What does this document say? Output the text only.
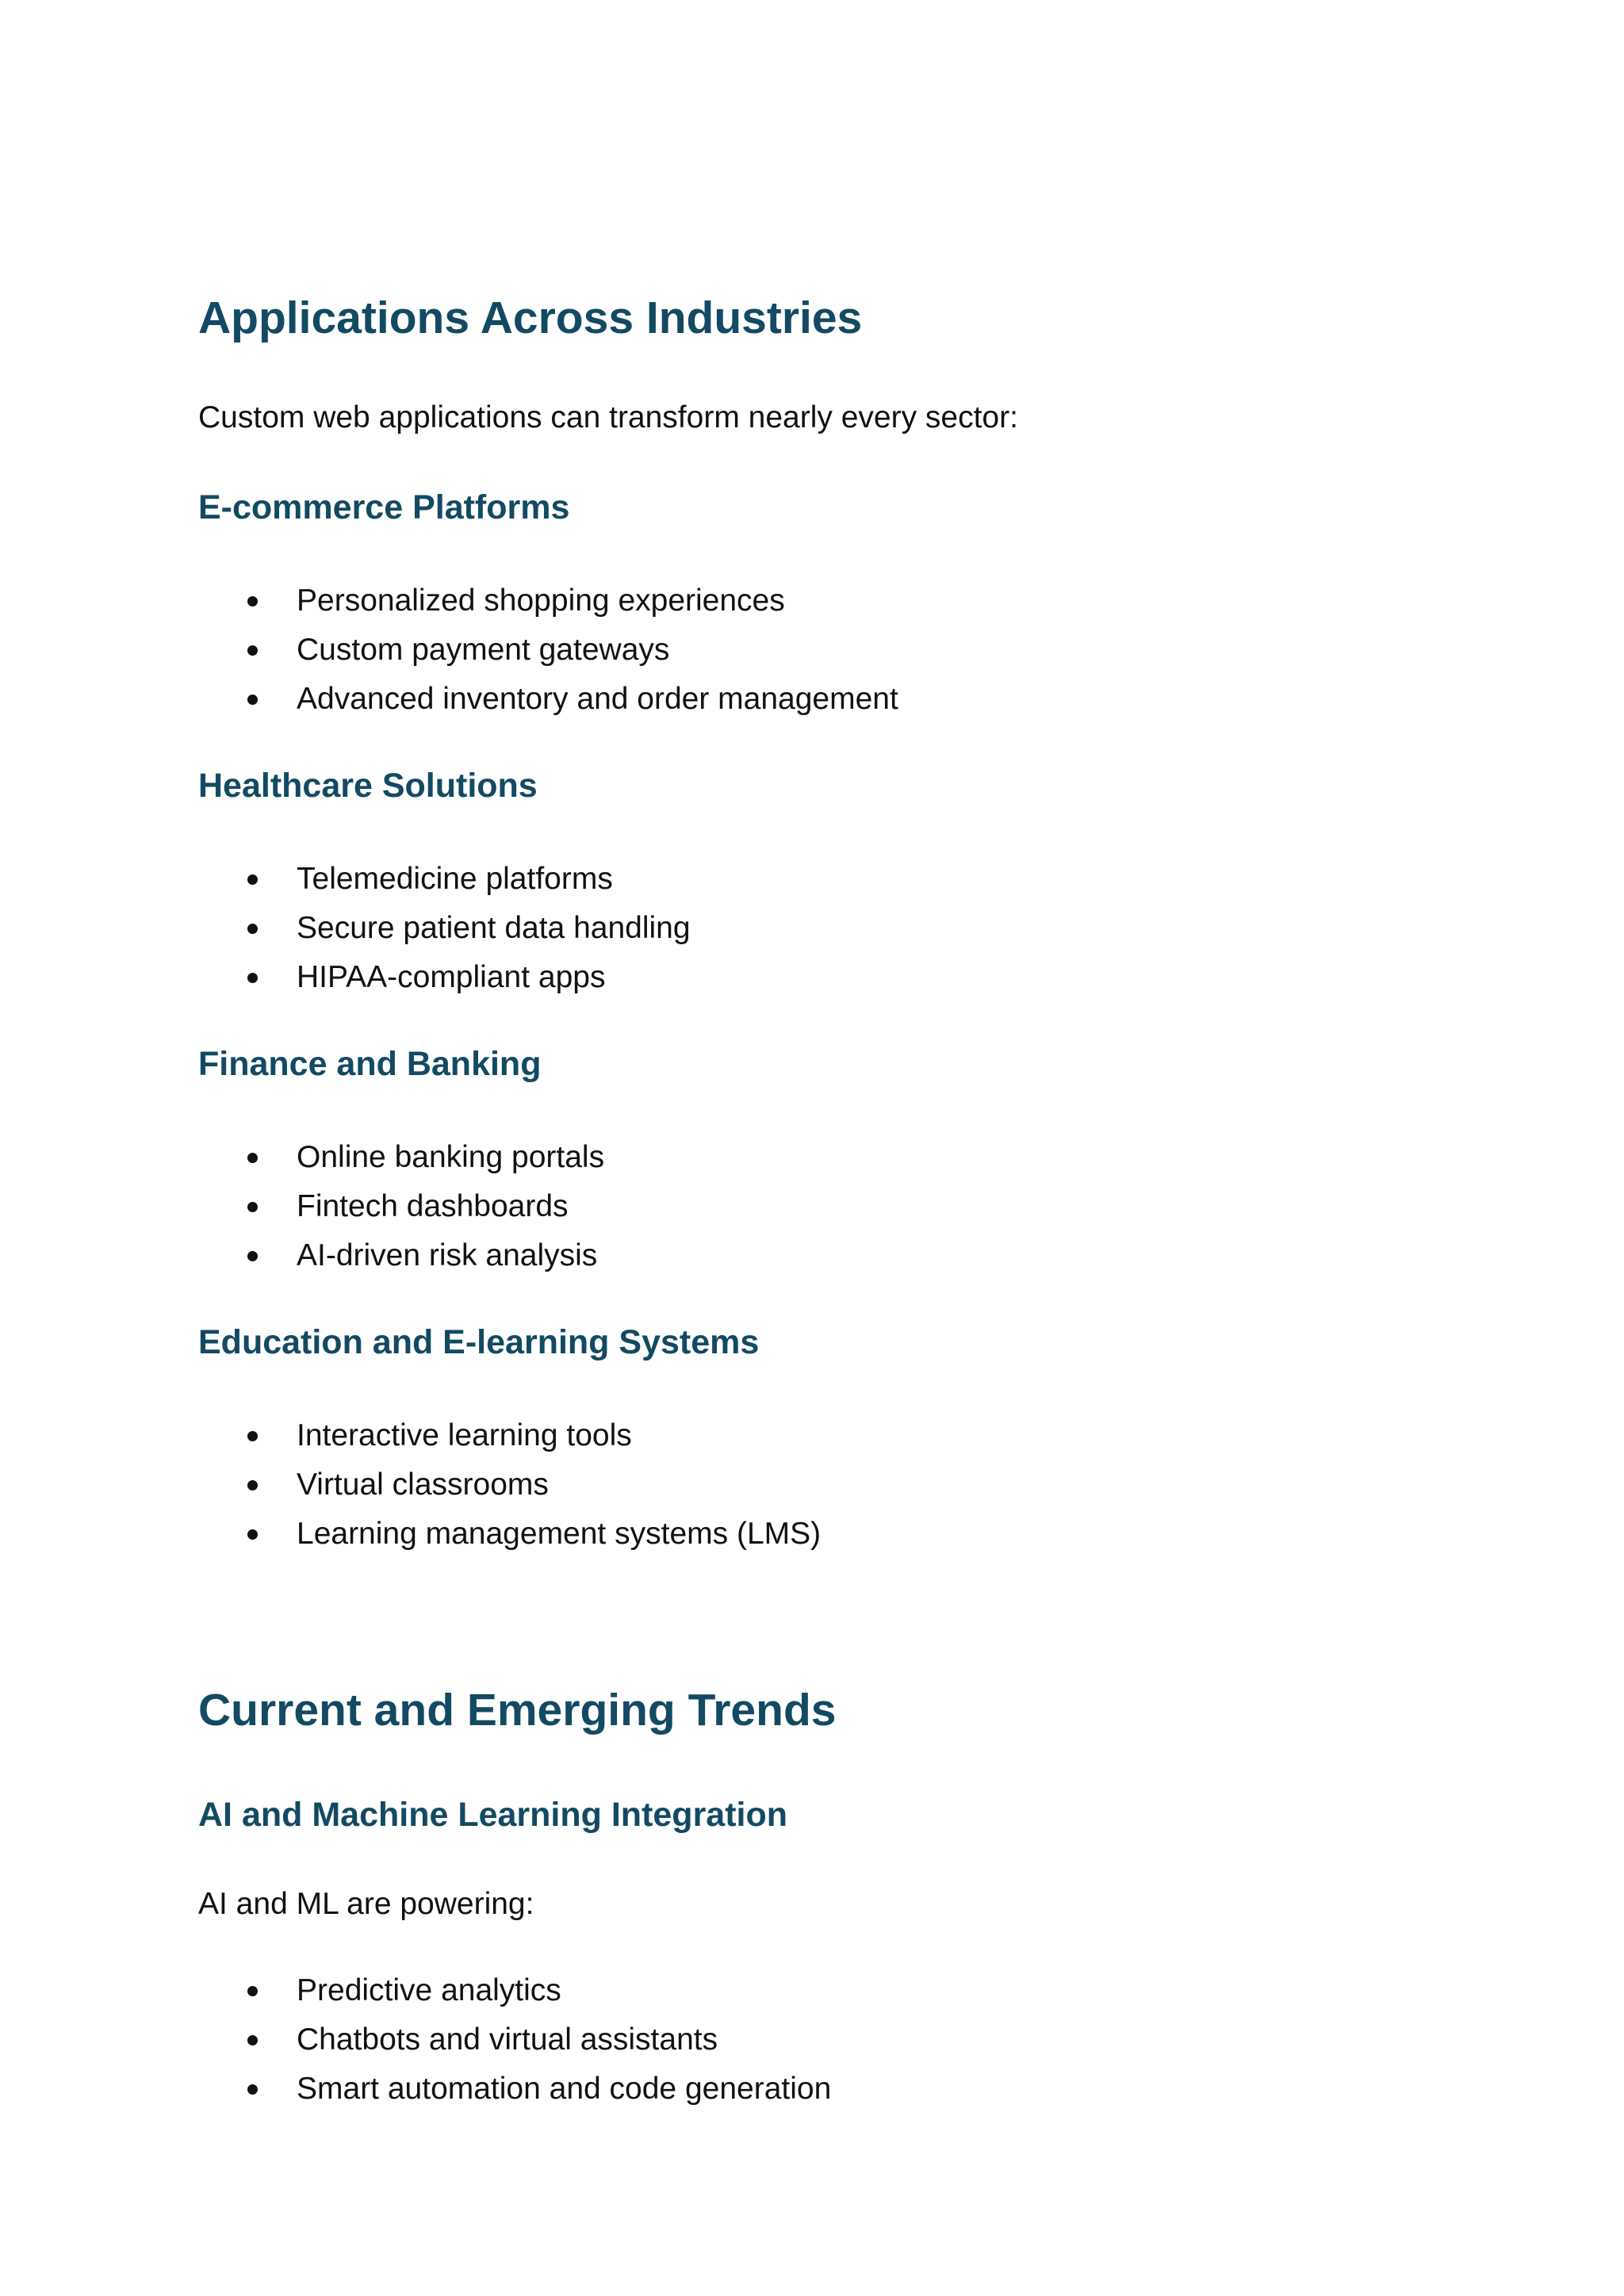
Applications Across Industries

Custom web applications can transform nearly every sector:

E-commerce Platforms
Personalized shopping experiences
Custom payment gateways
Advanced inventory and order management
Healthcare Solutions
Telemedicine platforms
Secure patient data handling
HIPAA-compliant apps
Finance and Banking
Online banking portals
Fintech dashboards
AI-driven risk analysis
Education and E-learning Systems
Interactive learning tools
Virtual classrooms
Learning management systems (LMS)
Current and Emerging Trends
AI and Machine Learning Integration

AI and ML are powering:

Predictive analytics
Chatbots and virtual assistants
Smart automation and code generation
